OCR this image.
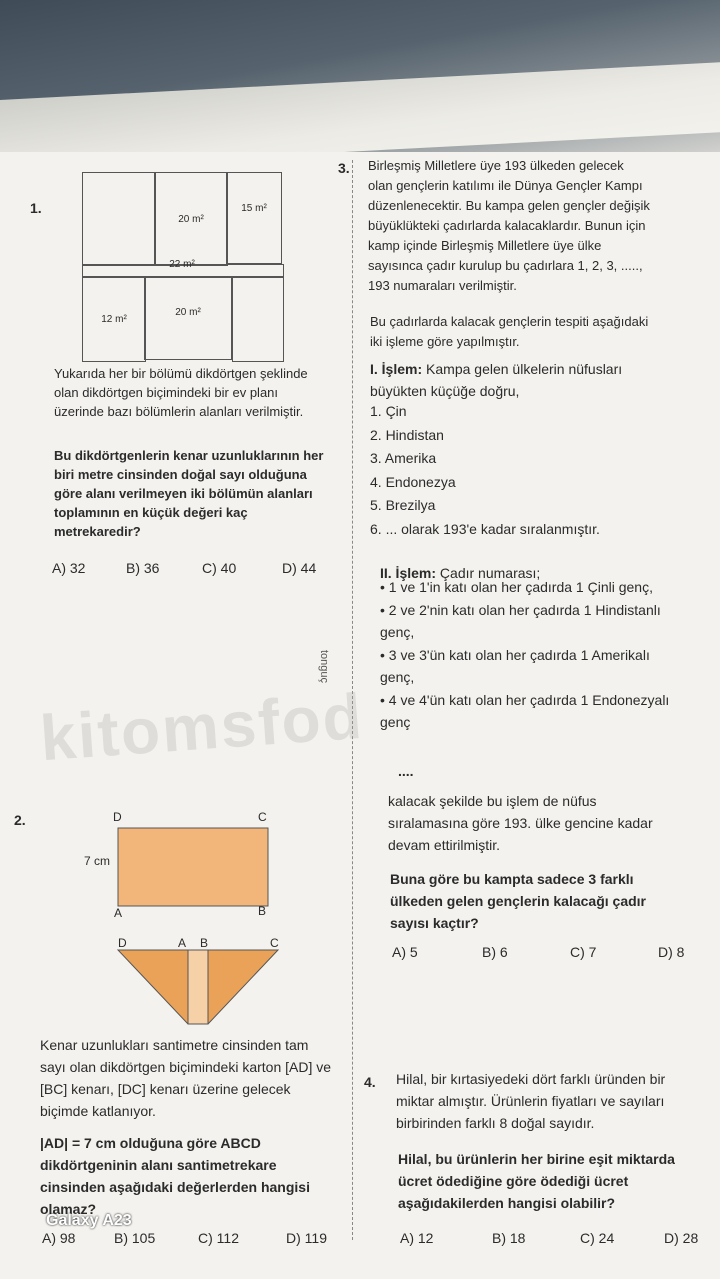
tonguç
kitomsfod
1.
20 m²
15 m²
22 m²
12 m²
20 m²

Yukarıda her bir bölümü dikdörtgen şeklinde olan dikdörtgen biçimindeki bir ev planı üzerinde bazı bölümlerin alanları verilmiştir.

Bu dikdörtgenlerin kenar uzunluklarının her biri metre cinsinden doğal sayı olduğuna göre alanı verilmeyen iki bölümün alanları toplamının en küçük değeri kaç metrekaredir?

A) 32	B) 36	C) 40	D) 44
2.	D	C
7 cm
A	B
D	A B	C

Kenar uzunlukları santimetre cinsinden tam sayı olan dikdörtgen biçimindeki karton [AD] ve [BC] kenarı, [DC] kenarı üzerine gelecek biçimde katlanıyor.

|AD| = 7 cm olduğuna göre ABCD dikdörtgeninin alanı santimetrekare cinsinden aşağıdaki değerlerden hangisi olamaz?

A) 98	B) 105	C) 112	D) 119
3. Birleşmiş Milletlere üye 193 ülkeden gelecek olan gençlerin katılımı ile Dünya Gençler Kampı düzenlenecektir. Bu kampa gelen gençler değişik büyüklükteki çadırlarda kalacaklardır. Bunun için kamp içinde Birleşmiş Milletlere üye ülke sayısınca çadır kurulup bu çadırlara 1, 2, 3, ....., 193 numaraları verilmiştir.

Bu çadırlarda kalacak gençlerin tespiti aşağıdaki iki işleme göre yapılmıştır.

I. İşlem: Kampa gelen ülkelerin nüfusları büyükten küçüğe doğru,

1. Çin
2. Hindistan
3. Amerika
4. Endonezya
5. Brezilya
6. ... olarak 193'e kadar sıralanmıştır.

II. İşlem: Çadır numarası;

• 1 ve 1'in katı olan her çadırda 1 Çinli genç,
• 2 ve 2'nin katı olan her çadırda 1 Hindistanlı genç,
• 3 ve 3'ün katı olan her çadırda 1 Amerikalı genç,
• 4 ve 4'ün katı olan her çadırda 1 Endonezyalı genç
....

kalacak şekilde bu işlem de nüfus sıralamasına göre 193. ülke gencine kadar devam ettirilmiştir.

Buna göre bu kampta sadece 3 farklı ülkeden gelen gençlerin kalacağı çadır sayısı kaçtır?

A) 5	B) 6	C) 7	D) 8
4. Hilal, bir kırtasiyedeki dört farklı üründen bir miktar almıştır. Ürünlerin fiyatları ve sayıları birbirinden farklı 8 doğal sayıdır.

Hilal, bu ürünlerin her birine eşit miktarda ücret ödediğine göre ödediği ücret aşağıdakilerden hangisi olabilir?

A) 12	B) 18	C) 24	D) 28
Galaxy A23
